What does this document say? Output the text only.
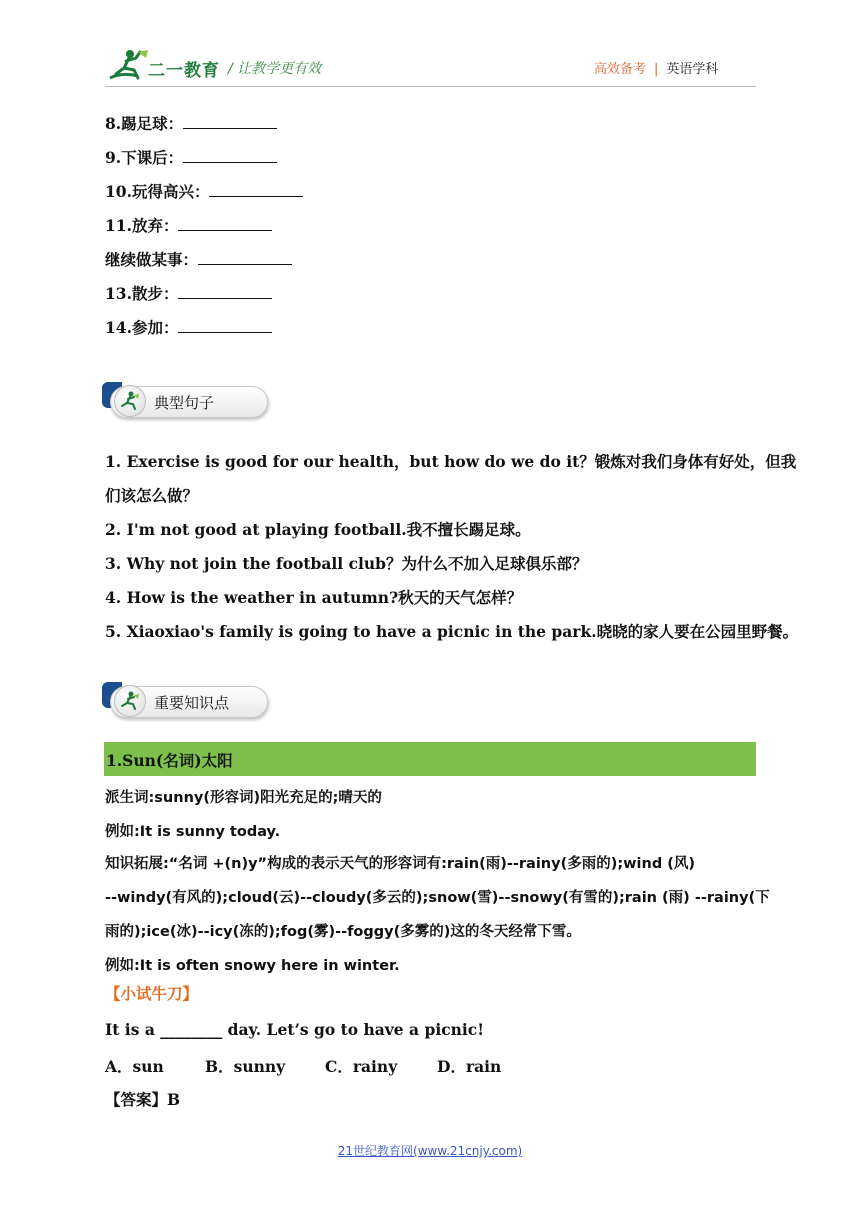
二一教育 / 让教学更有效	高效备考 | 英语学科
8.踢足球：
9.下课后：
10.玩得高兴：
11.放弃：
继续做某事：
13.散步：
14.参加：
典型句子
1. Exercise is good for our health，but how do we do it？锻炼对我们身体有好处，但我
们该怎么做？
2. I'm not good at playing football.我不擅长踢足球。
3. Why not join the football club？为什么不加入足球俱乐部？
4. How is the weather in autumn?秋天的天气怎样？
5. Xiaoxiao's family is going to have a picnic in the park.晓晓的家人要在公园里野餐。
重要知识点
1.Sun(名词)太阳
派生词:sunny(形容词)阳光充足的;晴天的
例如:It is sunny today.
知识拓展:“名词 +(n)y”构成的表示天气的形容词有:rain(雨)--rainy(多雨的);wind (风)
--windy(有风的);cloud(云)--cloudy(多云的);snow(雪)--snowy(有雪的);rain (雨) --rainy(下
雨的);ice(冰)--icy(冻的);fog(雾)--foggy(多雾的)这的冬天经常下雪。
例如:It is often snowy here in winter.
【小试牛刀】
It is a ________ day. Let’s go to have a picnic!
A．sun	B．sunny	C．rainy	D．rain
【答案】B
21世纪教育网(www.21cnjy.com)
